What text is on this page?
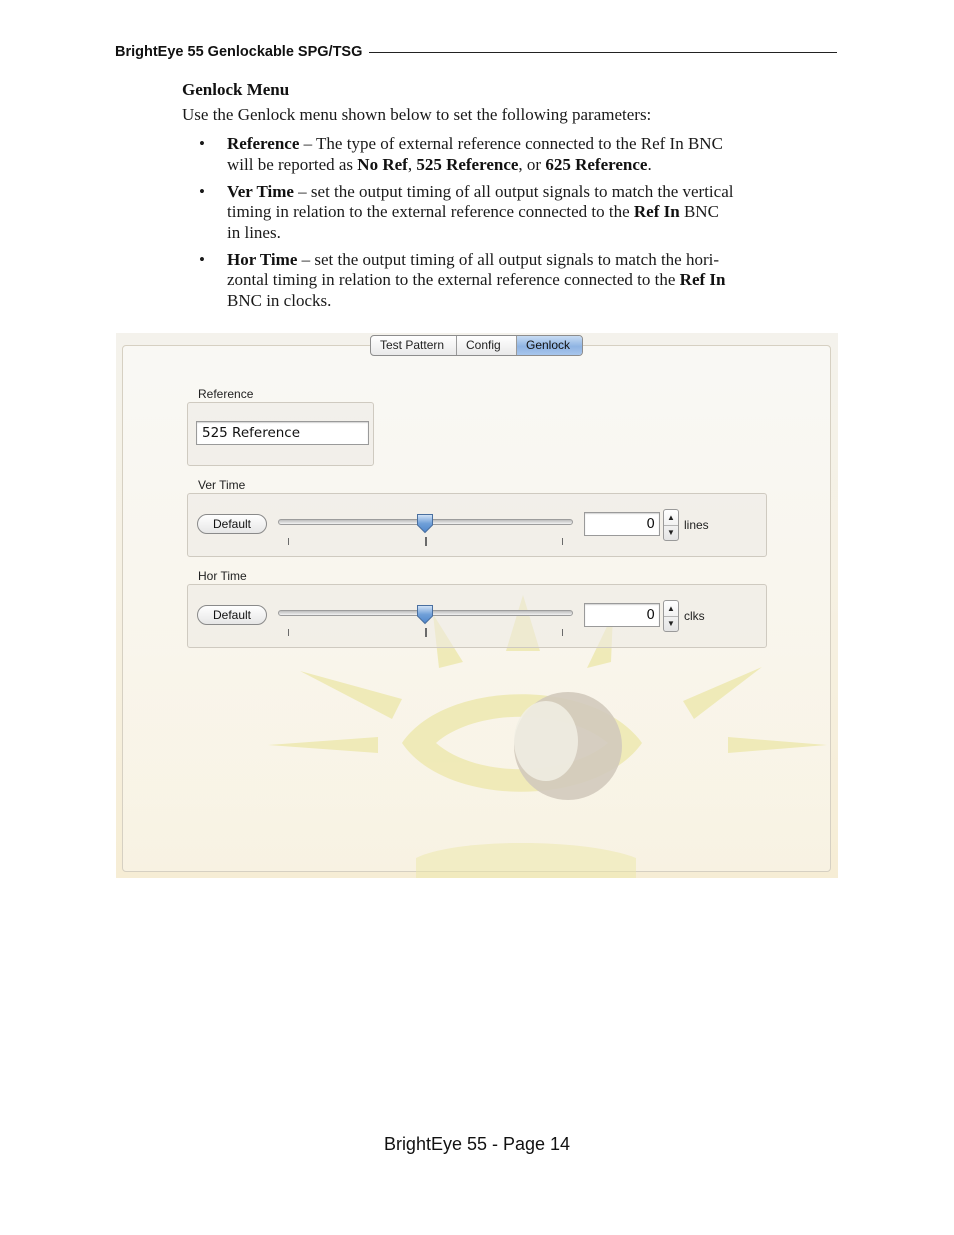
BrightEye 55 Genlockable SPG/TSG
Genlock Menu

Use the Genlock menu shown below to set the following parameters:

• Reference – The type of external reference connected to the Ref In BNC
will be reported as No Ref, 525 Reference, or 625 Reference.
• Ver Time – set the output timing of all output signals to match the vertical
timing in relation to the external reference connected to the Ref In BNC
in lines.
• Hor Time – set the output timing of all output signals to match the hori-
zontal timing in relation to the external reference connected to the Ref In
BNC in clocks.
Test Pattern	Config	Genlock
Reference
525 Reference
Ver Time
Default	0	▲
▼
lines
Hor Time
Default	0	▲
▼
clks
BrightEye 55 - Page 14
